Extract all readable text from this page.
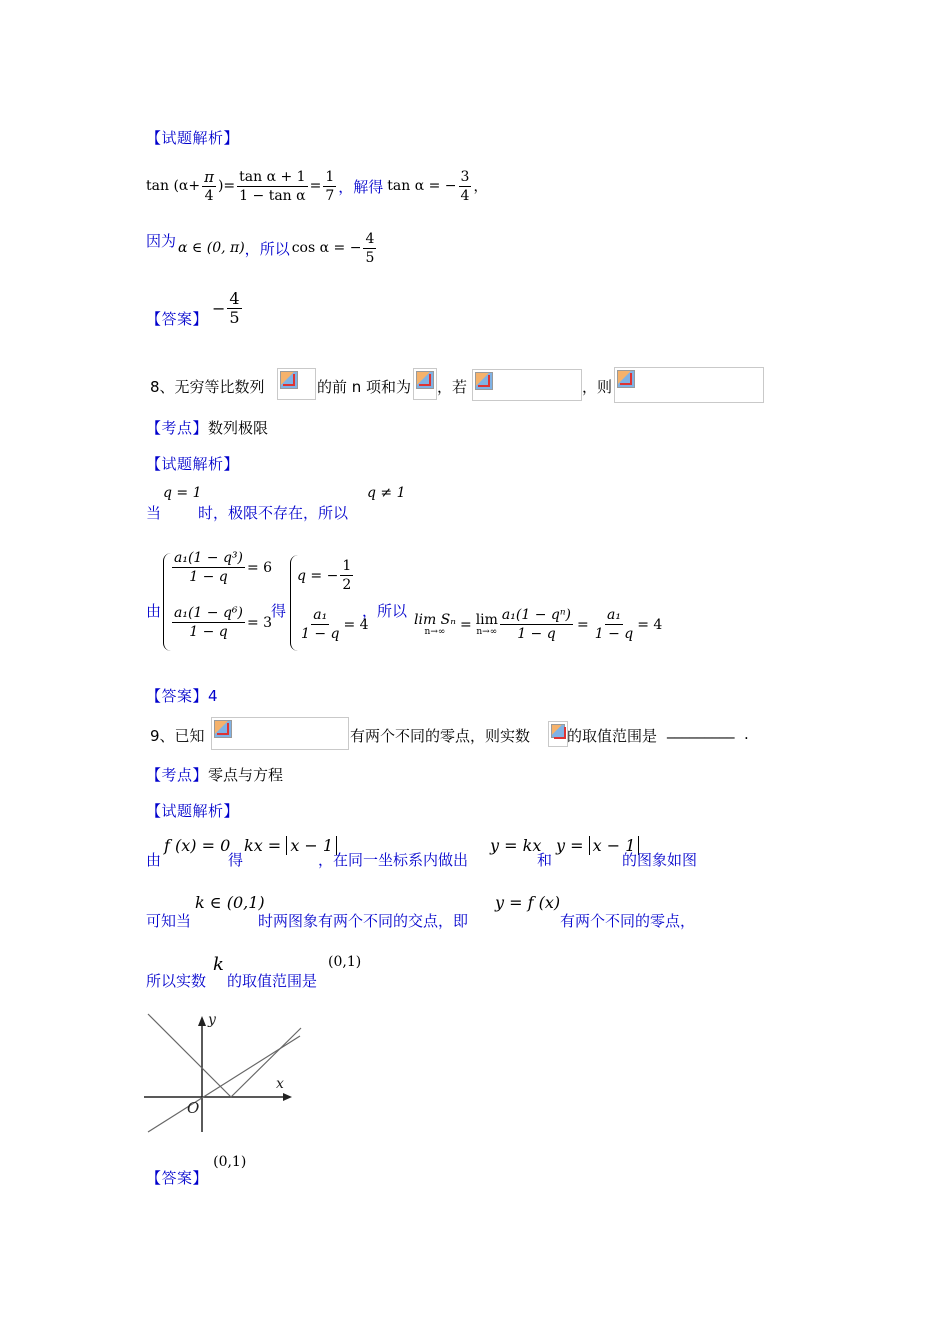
【试题解析】
$\tan (\alpha+ \frac{\pi}{4}$ )= $\frac{\text{tan α + 1}}{\text{1 − tan α}} = \frac{1}{7}$ ， 解得 tan α = − $\frac{3}{4}$ ，
因为 α ∈ (0, π) ， 所以 cos α = − $\frac{4}{5}$
【答案】
− $\frac{4}{5}$
8、无穷等比数列	的前 n 项和为 ，若	，则
【考点】数列极限
【试题解析】
当
q = 1
时，极限不存在，所以
q ≠ 1
由
$\frac{\text{a₁(1 − q³)}}{1 - q} = 6$
$\frac{\text{a₁(1 − q⁶)}}{1 - q} = 3$
得
q = − $\frac{1}{2}$
$\frac{\text{a₁}}{1 - q} = 4$
，所以 lim Sₙ
n→∞ = lim
$n\to\infty \frac{\text{a₁(1 − qⁿ)}}{1 - q} = \frac{\text{a₁}}{1 - q} = 4$
【答案】4
9、已知	有两个不同的零点，则实数 的取值范围是 _________ .
【考点】零点与方程
【试题解析】
由
f (x) = 0
得
kx = x − 1
，在同一坐标系内做出
y = kx
和
y = x − 1
的图象如图
可知当
k ∈ (0,1)
时两图象有两个不同的交点，即
y = f (x)
有两个不同的零点，
所以实数
k
的取值范围是
(0,1)
y
x
O
【答案】 (0,1)
